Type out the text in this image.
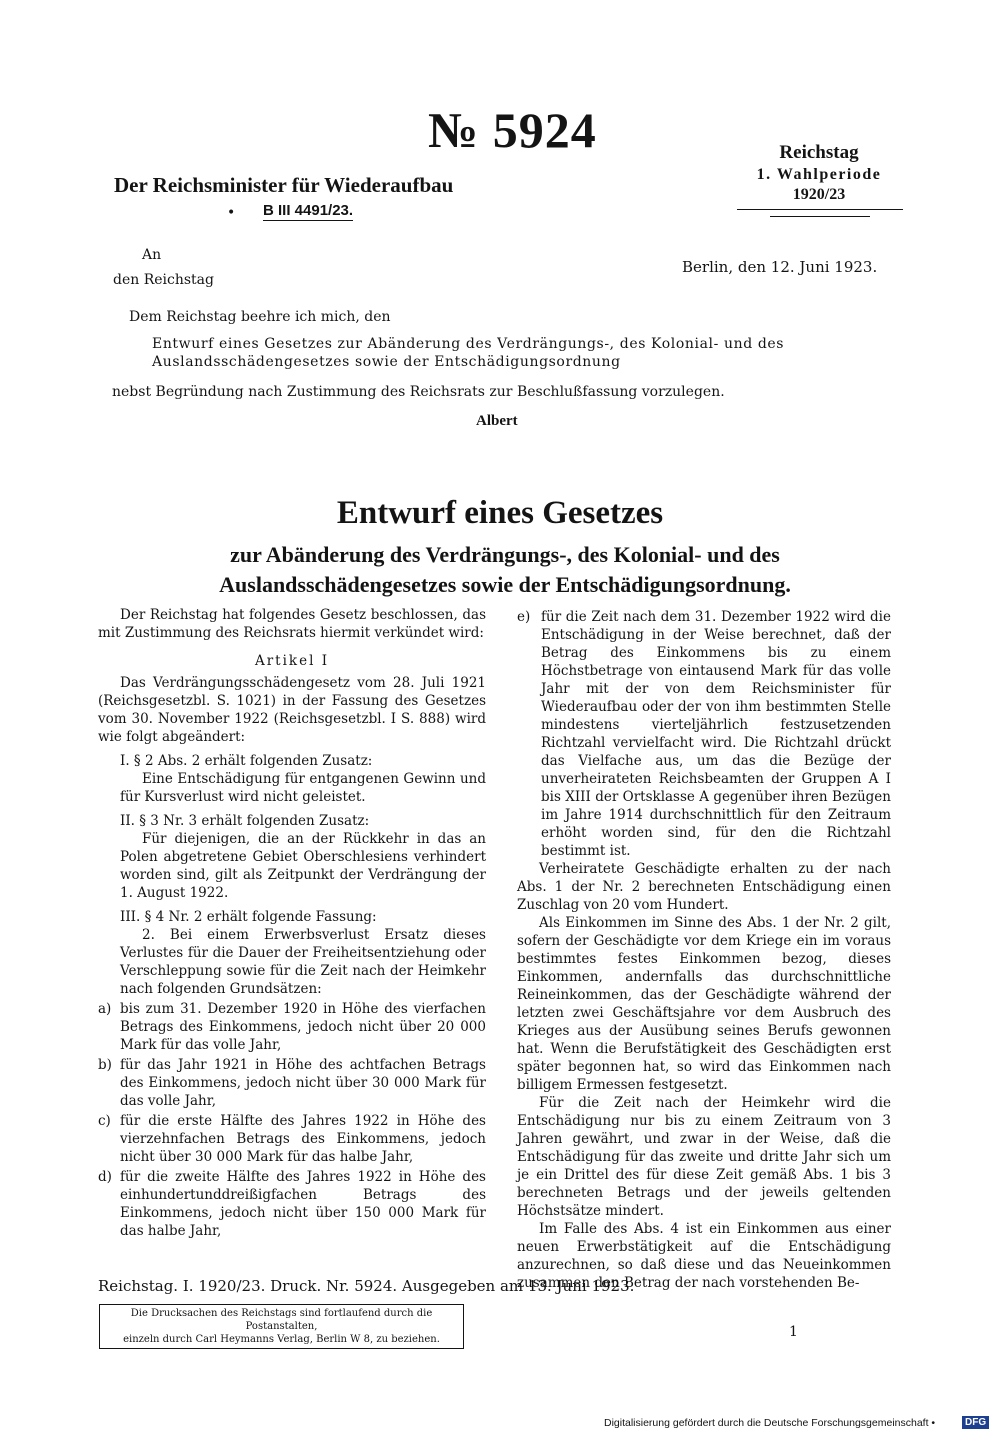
№ 5924
Der Reichsminister für Wiederaufbau
• B III 4491/23.
Reichstag
1. Wahlperiode
1920/23
An
den Reichstag
Berlin, den 12. Juni 1923.
Dem Reichstag beehre ich mich, den
Entwurf eines Gesetzes zur Abänderung des Verdrängungs-, des Kolonial- und des Auslandsschädengesetzes sowie der Entschädigungsordnung
nebst Begründung nach Zustimmung des Reichsrats zur Beschlußfassung vorzulegen.
Albert
Entwurf eines Gesetzes
zur Abänderung des Verdrängungs-, des Kolonial- und des Auslandsschädengesetzes sowie der Entschädigungsordnung.

Der Reichstag hat folgendes Gesetz beschlossen, das mit Zustimmung des Reichsrats hiermit verkündet wird:

Artikel I

Das Verdrängungsschädengesetz vom 28. Juli 1921 (Reichsgesetzbl. S. 1021) in der Fassung des Gesetzes vom 30. November 1922 (Reichsgesetzbl. I S. 888) wird wie folgt abgeändert:

I. § 2 Abs. 2 erhält folgenden Zusatz:

Eine Entschädigung für entgangenen Gewinn und für Kursverlust wird nicht geleistet.

II. § 3 Nr. 3 erhält folgenden Zusatz:

Für diejenigen, die an der Rückkehr in das an Polen abgetretene Gebiet Oberschlesiens verhindert worden sind, gilt als Zeitpunkt der Verdrängung der 1. August 1922.

III. § 4 Nr. 2 erhält folgende Fassung:

2. Bei einem Erwerbsverlust Ersatz dieses Verlustes für die Dauer der Freiheitsentziehung oder Verschleppung sowie für die Zeit nach der Heimkehr nach folgenden Grundsätzen:

a) bis zum 31. Dezember 1920 in Höhe des vierfachen Betrags des Einkommens, jedoch nicht über 20 000 Mark für das volle Jahr,

b) für das Jahr 1921 in Höhe des achtfachen Betrags des Einkommens, jedoch nicht über 30 000 Mark für das volle Jahr,

c) für die erste Hälfte des Jahres 1922 in Höhe des vierzehnfachen Betrags des Einkommens, jedoch nicht über 30 000 Mark für das halbe Jahr,

d) für die zweite Hälfte des Jahres 1922 in Höhe des einhundertunddreißigfachen Betrags des Einkommens, jedoch nicht über 150 000 Mark für das halbe Jahr,

e) für die Zeit nach dem 31. Dezember 1922 wird die Entschädigung in der Weise berechnet, daß der Betrag des Einkommens bis zu einem Höchstbetrage von eintausend Mark für das volle Jahr mit der von dem Reichsminister für Wiederaufbau oder der von ihm bestimmten Stelle mindestens vierteljährlich festzusetzenden Richtzahl vervielfacht wird. Die Richtzahl drückt das Vielfache aus, um das die Bezüge der unverheirateten Reichsbeamten der Gruppen A I bis XIII der Ortsklasse A gegenüber ihren Bezügen im Jahre 1914 durchschnittlich für den Zeitraum erhöht worden sind, für den die Richtzahl bestimmt ist.

Verheiratete Geschädigte erhalten zu der nach Abs. 1 der Nr. 2 berechneten Entschädigung einen Zuschlag von 20 vom Hundert.

Als Einkommen im Sinne des Abs. 1 der Nr. 2 gilt, sofern der Geschädigte vor dem Kriege ein im voraus bestimmtes festes Einkommen bezog, dieses Einkommen, andernfalls das durchschnittliche Reineinkommen, das der Geschädigte während der letzten zwei Geschäftsjahre vor dem Ausbruch des Krieges aus der Ausübung seines Berufs gewonnen hat. Wenn die Berufstätigkeit des Geschädigten erst später begonnen hat, so wird das Einkommen nach billigem Ermessen festgesetzt.

Für die Zeit nach der Heimkehr wird die Entschädigung nur bis zu einem Zeitraum von 3 Jahren gewährt, und zwar in der Weise, daß die Entschädigung für das zweite und dritte Jahr sich um je ein Drittel des für diese Zeit gemäß Abs. 1 bis 3 berechneten Betrags und der jeweils geltenden Höchstsätze mindert.

Im Falle des Abs. 4 ist ein Einkommen aus einer neuen Erwerbstätigkeit auf die Entschädigung anzurechnen, so daß diese und das Neueinkommen zusammen den Betrag der nach vorstehenden Be-

Reichstag. I. 1920/23. Druck. Nr. 5924. Ausgegeben am 13. Juni 1923.
Die Drucksachen des Reichstags sind fortlaufend durch die Postanstalten,
einzeln durch Carl Heymanns Verlag, Berlin W 8, zu beziehen.	1
Digitalisierung gefördert durch die Deutsche Forschungsgemeinschaft •	DFG
